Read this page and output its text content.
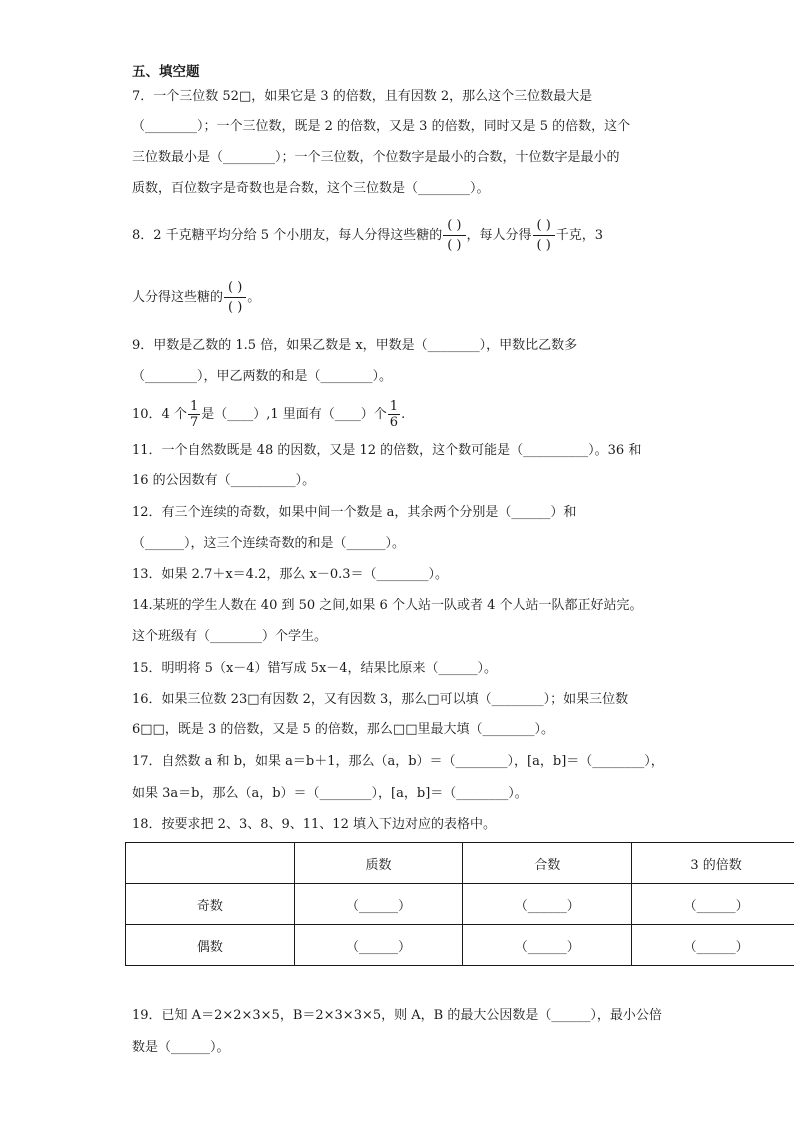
五、填空题
7．一个三位数 52□，如果它是 3 的倍数，且有因数 2，那么这个三位数最大是
（________）；一个三位数，既是 2 的倍数，又是 3 的倍数，同时又是 5 的倍数，这个
三位数最小是（________）；一个三位数，个位数字是最小的合数，十位数字是最小的
质数，百位数字是奇数也是合数，这个三位数是（________）。
8．2 千克糖平均分给 5 个小朋友，每人分得这些糖的 $\frac{( )}{( )}$ ，每人分得 $\frac{( )}{( )}$ 千克，3
人分得这些糖的 $\frac{( )}{( )}$ 。
9．甲数是乙数的 1.5 倍，如果乙数是 x，甲数是（________），甲数比乙数多
（________），甲乙两数的和是（________）。
10．4 个 $\frac{1}{7}$ 是（____）,1 里面有（____）个 $\frac{1}{6}$ .
11．一个自然数既是 48 的因数，又是 12 的倍数，这个数可能是（__________）。36 和
16 的公因数有（__________）。
12．有三个连续的奇数，如果中间一个数是 a，其余两个分别是（______）和
（______），这三个连续奇数的和是（______）。
13．如果 2.7＋x＝4.2，那么 x－0.3＝（________）。
14.某班的学生人数在 40 到 50 之间,如果 6 个人站一队或者 4 个人站一队都正好站完。
这个班级有（________）个学生。
15．明明将 5（x－4）错写成 5x－4，结果比原来（______）。
16．如果三位数 23□有因数 2，又有因数 3，那么□可以填（________）；如果三位数
6□□，既是 3 的倍数，又是 5 的倍数，那么□□里最大填（________）。
17．自然数 a 和 b，如果 a＝b＋1，那么（a，b）＝（________），[a，b]＝（________），
如果 3a＝b，那么（a，b）＝（________），[a，b]＝（________）。
18．按要求把 2、3、8、9、11、12 填入下边对应的表格中。
	质数	合数	3 的倍数
奇数	（______）	（______）	（______）
偶数	（______）	（______）	（______）
19．已知 A＝2×2×3×5，B＝2×3×3×5，则 A，B 的最大公因数是（______），最小公倍
数是（______）。
